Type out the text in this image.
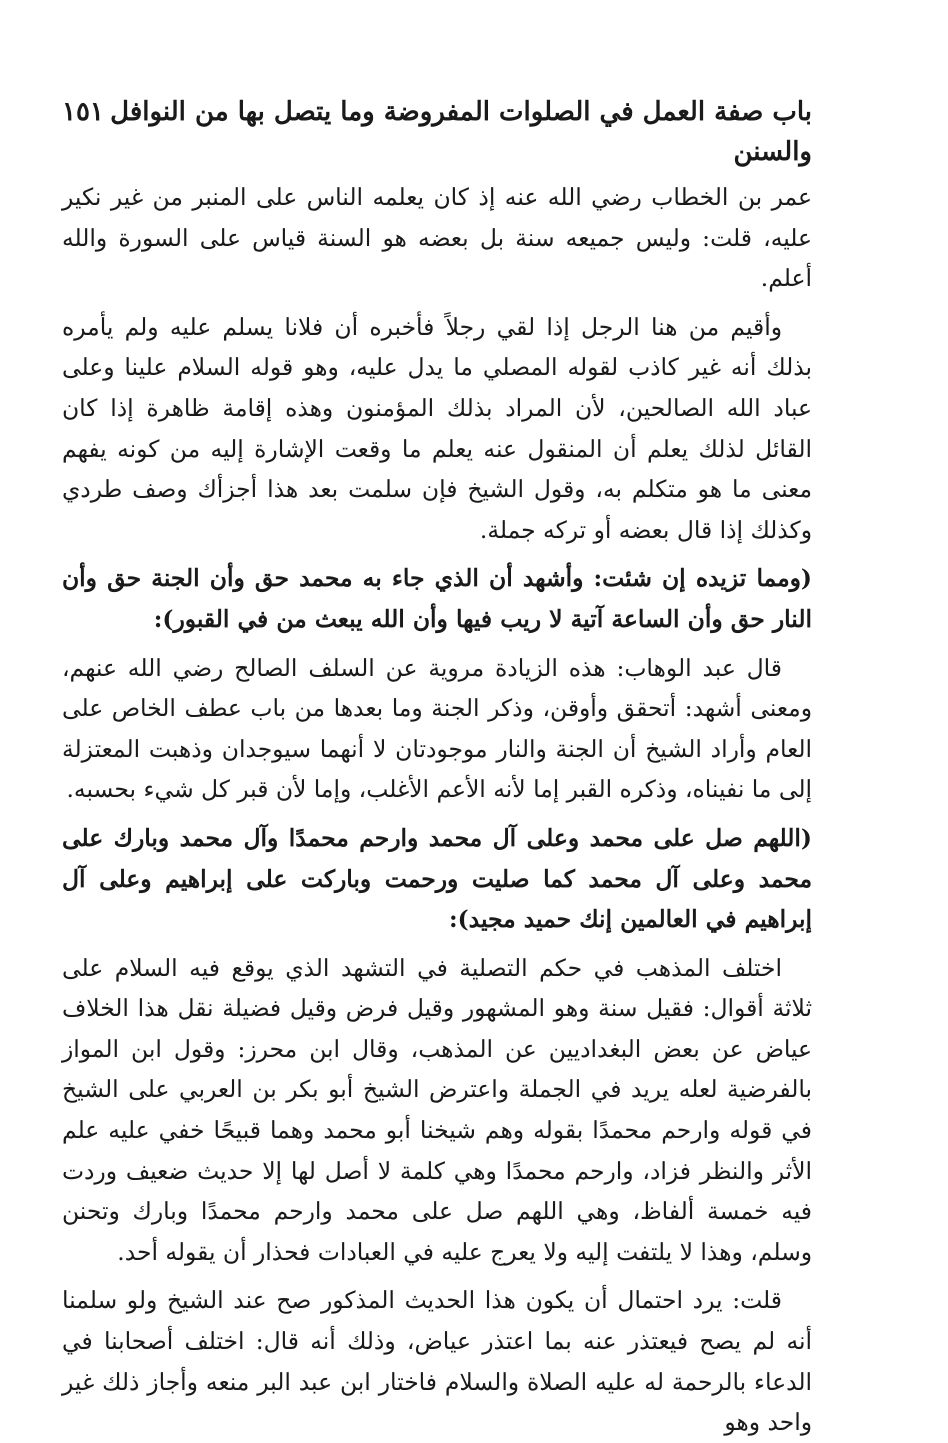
باب صفة العمل في الصلوات المفروضة وما يتصل بها من النوافل والسنن
١٥١

عمر بن الخطاب رضي الله عنه إذ كان يعلمه الناس على المنبر من غير نكير عليه، قلت: وليس جميعه سنة بل بعضه هو السنة قياس على السورة والله أعلم.

وأقيم من هنا الرجل إذا لقي رجلاً فأخبره أن فلانا يسلم عليه ولم يأمره بذلك أنه غير كاذب لقوله المصلي ما يدل عليه، وهو قوله السلام علينا وعلى عباد الله الصالحين، لأن المراد بذلك المؤمنون وهذه إقامة ظاهرة إذا كان القائل لذلك يعلم أن المنقول عنه يعلم ما وقعت الإشارة إليه من كونه يفهم معنى ما هو متكلم به، وقول الشيخ فإن سلمت بعد هذا أجزأك وصف طردي وكذلك إذا قال بعضه أو تركه جملة.

(ومما تزيده إن شئت: وأشهد أن الذي جاء به محمد حق وأن الجنة حق وأن النار حق وأن الساعة آتية لا ريب فيها وأن الله يبعث من في القبور):

قال عبد الوهاب: هذه الزيادة مروية عن السلف الصالح رضي الله عنهم، ومعنى أشهد: أتحقق وأوقن، وذكر الجنة وما بعدها من باب عطف الخاص على العام وأراد الشيخ أن الجنة والنار موجودتان لا أنهما سيوجدان وذهبت المعتزلة إلى ما نفيناه، وذكره القبر إما لأنه الأعم الأغلب، وإما لأن قبر كل شيء بحسبه.

(اللهم صل على محمد وعلى آل محمد وارحم محمدًا وآل محمد وبارك على محمد وعلى آل محمد كما صليت ورحمت وباركت على إبراهيم وعلى آل إبراهيم في العالمين إنك حميد مجيد):

اختلف المذهب في حكم التصلية في التشهد الذي يوقع فيه السلام على ثلاثة أقوال: فقيل سنة وهو المشهور وقيل فرض وقيل فضيلة نقل هذا الخلاف عياض عن بعض البغداديين عن المذهب، وقال ابن محرز: وقول ابن المواز بالفرضية لعله يريد في الجملة واعترض الشيخ أبو بكر بن العربي على الشيخ في قوله وارحم محمدًا بقوله وهم شيخنا أبو محمد وهما قبيحًا خفي عليه علم الأثر والنظر فزاد، وارحم محمدًا وهي كلمة لا أصل لها إلا حديث ضعيف وردت فيه خمسة ألفاظ، وهي اللهم صل على محمد وارحم محمدًا وبارك وتحنن وسلم، وهذا لا يلتفت إليه ولا يعرج عليه في العبادات فحذار أن يقوله أحد.

قلت: يرد احتمال أن يكون هذا الحديث المذكور صح عند الشيخ ولو سلمنا أنه لم يصح فيعتذر عنه بما اعتذر عياض، وذلك أنه قال: اختلف أصحابنا في الدعاء بالرحمة له عليه الصلاة والسلام فاختار ابن عبد البر منعه وأجاز ذلك غير واحد وهو
